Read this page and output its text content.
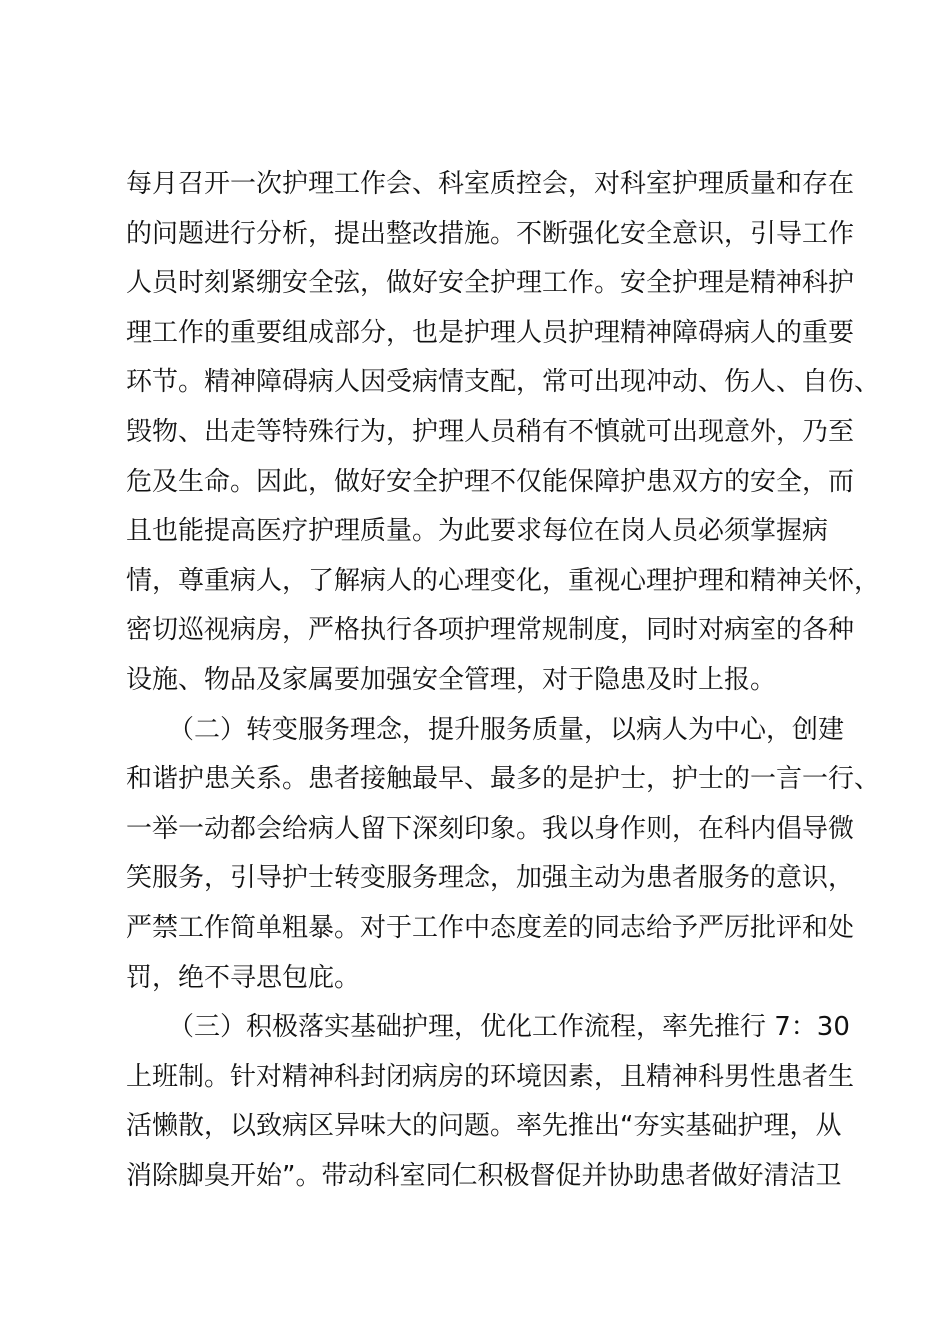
每月召开一次护理工作会、科室质控会，对科室护理质量和存在
的问题进行分析，提出整改措施。不断强化安全意识，引导工作
人员时刻紧绷安全弦，做好安全护理工作。安全护理是精神科护
理工作的重要组成部分，也是护理人员护理精神障碍病人的重要
环节。精神障碍病人因受病情支配，常可出现冲动、伤人、自伤、
毁物、出走等特殊行为，护理人员稍有不慎就可出现意外，乃至
危及生命。因此，做好安全护理不仅能保障护患双方的安全，而
且也能提高医疗护理质量。为此要求每位在岗人员必须掌握病
情，尊重病人，了解病人的心理变化，重视心理护理和精神关怀，
密切巡视病房，严格执行各项护理常规制度，同时对病室的各种
设施、物品及家属要加强安全管理，对于隐患及时上报。

（二）转变服务理念，提升服务质量，以病人为中心，创建
和谐护患关系。患者接触最早、最多的是护士，护士的一言一行、
一举一动都会给病人留下深刻印象。我以身作则，在科内倡导微
笑服务，引导护士转变服务理念，加强主动为患者服务的意识，
严禁工作简单粗暴。对于工作中态度差的同志给予严厉批评和处
罚，绝不寻思包庇。

（三）积极落实基础护理，优化工作流程，率先推行 7：30
上班制。针对精神科封闭病房的环境因素，且精神科男性患者生
活懒散，以致病区异味大的问题。率先推出“夯实基础护理，从
消除脚臭开始”。带动科室同仁积极督促并协助患者做好清洁卫
